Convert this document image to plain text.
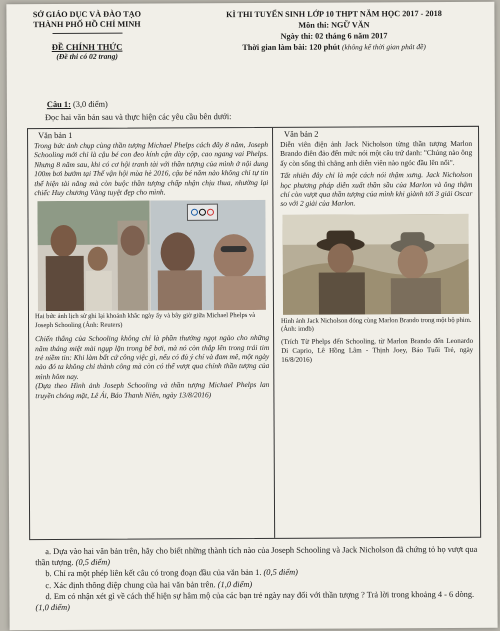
SỞ GIÁO DỤC VÀ ĐÀO TẠO
THÀNH PHỐ HỒ CHÍ MINH
ĐỀ CHÍNH THỨC
(Đề thi có 02 trang)
KÌ THI TUYỂN SINH LỚP 10 THPT NĂM HỌC 2017 - 2018
Môn thi: NGỮ VĂN
Ngày thi: 02 tháng 6 năm 2017
Thời gian làm bài: 120 phút (không kể thời gian phát đề)
Câu 1: (3,0 điểm)
Đọc hai văn bản sau và thực hiện các yêu cầu bên dưới:
Văn bản 1

Trong bức ảnh chụp cùng thần tượng Michael Phelps cách đây 8 năm, Joseph Schooling mới chỉ là cậu bé con đeo kính cận dày cộp, cao ngang vai Phelps. Nhưng 8 năm sau, khi có cơ hội tranh tài với thần tượng của mình ở nội dung 100m bơi bướm tại Thế vận hội mùa hè 2016, cậu bé năm nào không chỉ tự tin thể hiện tài năng mà còn buộc thần tượng chấp nhận chịu thua, nhường lại chiếc Huy chương Vàng tuyệt đẹp cho mình.

Hai bức ảnh lịch sử ghi lại khoảnh khắc ngày ấy và bây giờ giữa Michael Phelps và Joseph Schooling (Ảnh: Reuters)

Chiến thắng của Schooling không chỉ là phần thưởng ngọt ngào cho những năm tháng miệt mài ngụp lặn trong bể bơi, mà nó còn thắp lên trong trái tim trẻ niềm tin: Khi làm bất cứ công việc gì, nếu có đủ ý chí và đam mê, một ngày nào đó ta không chỉ thành công mà còn có thể vượt qua chính thần tượng của mình hôm nay.

(Dựa theo Hình ảnh Joseph Schooling và thần tượng Michael Phelps lan truyền chóng mặt, Lê Ái, Báo Thanh Niên, ngày 13/8/2016)

Văn bản 2

Diễn viên điện ảnh Jack Nicholson từng thần tượng Marlon Brando điên đảo đến mức nói một câu trứ danh: "Chúng nào ông ấy còn sống thì chẳng anh diễn viên nào ngóc đầu lên nổi".

Tất nhiên đây chỉ là một cách nói thậm xưng. Jack Nicholson học phương pháp diễn xuất thần sầu của Marlon và ông thậm chí còn vượt qua thần tượng của mình khi giành tới 3 giải Oscar so với 2 giải của Marlon.

Hình ảnh Jack Nicholson đóng cùng Marlon Brando trong một bộ phim. (Ảnh: imdb)

(Trích Từ Phelps đến Schooling, từ Marlon Brando đến Leonardo Di Caprio, Lê Hồng Lâm - Thịnh Joey, Báo Tuổi Trẻ, ngày 16/8/2016)

a. Dựa vào hai văn bản trên, hãy cho biết những thành tích nào của Joseph Schooling và Jack Nicholson đã chứng tỏ họ vượt qua thần tượng. (0,5 điểm)
b. Chỉ ra một phép liên kết câu có trong đoạn đầu của văn bản 1. (0,5 điểm)
c. Xác định thông điệp chung của hai văn bản trên. (1,0 điểm)
d. Em có nhận xét gì về cách thể hiện sự hâm mộ của các bạn trẻ ngày nay đối với thần tượng ? Trả lời trong khoảng 4 - 6 dòng. (1,0 điểm)
